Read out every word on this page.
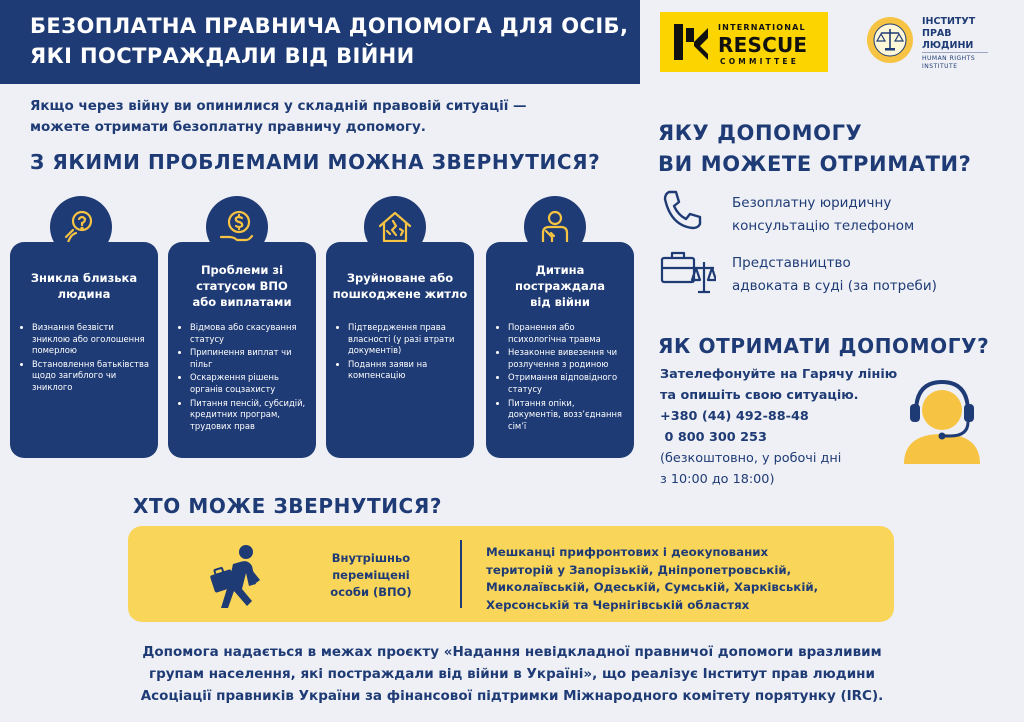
БЕЗОПЛАТНА ПРАВНИЧА ДОПОМОГА ДЛЯ ОСІБ,
ЯКІ ПОСТРАЖДАЛИ ВІД ВІЙНИ
INTERNATIONAL
RESCUE
COMMITTEE
ІНСТИТУТ
ПРАВ
ЛЮДИНИ
HUMAN RIGHTS
INSTITUTE
Якщо через війну ви опинилися у складній правовій ситуації —
можете отримати безоплатну правничу допомогу.
З ЯКИМИ ПРОБЛЕМАМИ МОЖНА ЗВЕРНУТИСЯ?
Зникла близька
людина
• Визнання безвісти зниклою або оголошення померлою
• Встановлення батьківства щодо загиблого чи зниклого
Проблеми зі
статусом ВПО
або виплатами
• Відмова або скасування статусу
• Припинення виплат чи пільг
• Оскарження рішень органів соцзахисту
• Питання пенсій, субсидій, кредитних програм, трудових прав
Зруйноване або
пошкоджене житло
• Підтвердження права власності (у разі втрати документів)
• Подання заяви на компенсацію
Дитина
постраждала
від війни
• Поранення або психологічна травма
• Незаконне вивезення чи розлучення з родиною
• Отримання відповідного статусу
• Питання опіки, документів, возз’єднання сім’ї
ЯКУ ДОПОМОГУ
ВИ МОЖЕТЕ ОТРИМАТИ?
Безоплатну юридичну
консультацію телефоном
Представництво
адвоката в суді (за потреби)
ЯК ОТРИМАТИ ДОПОМОГУ?
Зателефонуйте на Гарячу лінію
та опишіть свою ситуацію.
+380 (44) 492-88-48
0 800 300 253
(безкоштовно, у робочі дні
з 10:00 до 18:00)
ХТО МОЖЕ ЗВЕРНУТИСЯ?
Внутрішньо
переміщені
особи (ВПО)
Мешканці прифронтових і деокупованих
територій у Запорізькій, Дніпропетровській,
Миколаївській, Одеській, Сумській, Харківській,
Херсонській та Чернігівській областях
Допомога надається в межах проєкту «Надання невідкладної правничої допомоги вразливим
групам населення, які постраждали від війни в Україні», що реалізує Інститут прав людини
Асоціації правників України за фінансової підтримки Міжнародного комітету порятунку (IRC).
